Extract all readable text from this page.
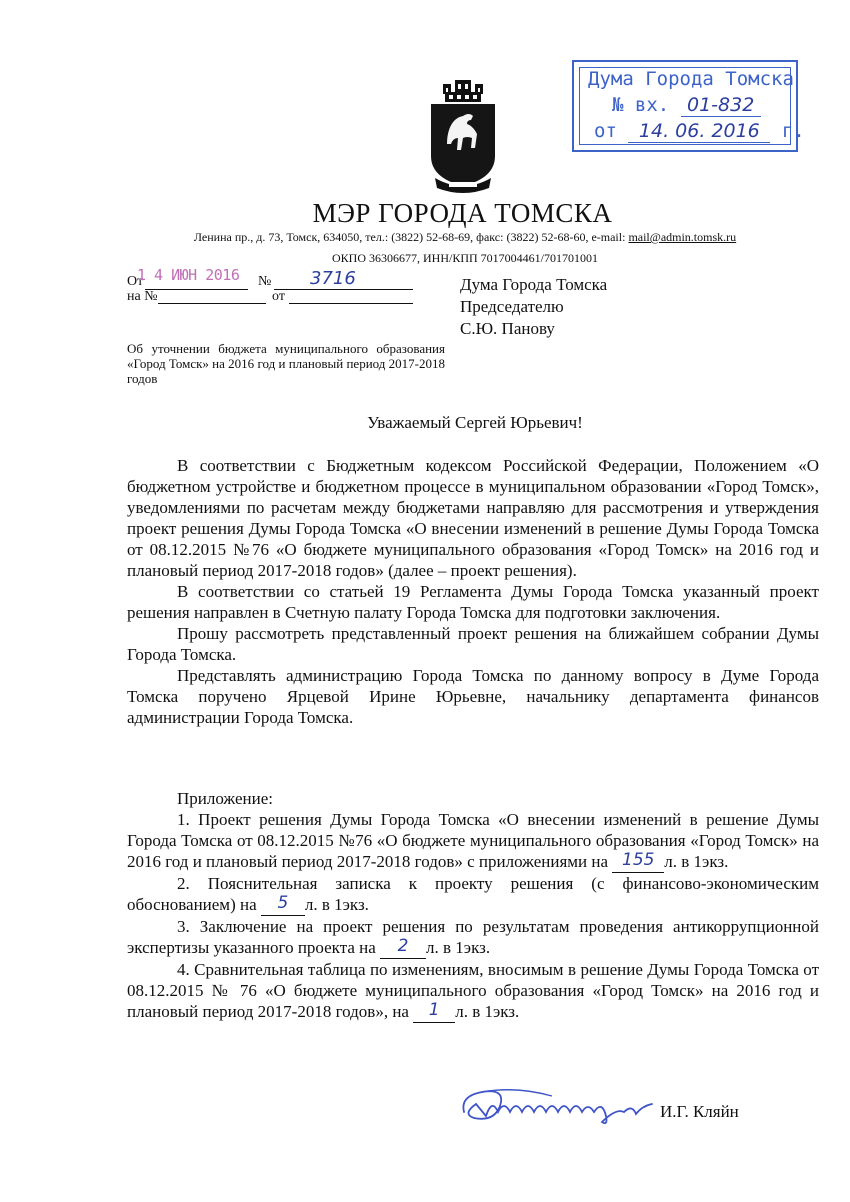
Дума Города Томска
№ вх. 01-832
от 14. 06. 2016 г.
МЭР ГОРОДА ТОМСКА
Ленина пр., д. 73, Томск, 634050, тел.: (3822) 52-68-69, факс: (3822) 52-68-60, e-mail: mail@admin.tomsk.ru
ОКПО 36306677, ИНН/КПП 7017004461/701701001
От
1 4 ИЮН 2016 № 3716
на №	от
Дума Города Томска
Председателю
С.Ю. Панову
Об уточнении бюджета муниципального образования «Город Томск» на 2016 год и плановый период 2017-2018 годов
Уважаемый Сергей Юрьевич!

В соответствии с Бюджетным кодексом Российской Федерации, Положением «О бюджетном устройстве и бюджетном процессе в муниципальном образовании «Город Томск», уведомлениями по расчетам между бюджетами направляю для рассмотрения и утверждения проект решения Думы Города Томска «О внесении изменений в решение Думы Города Томска от 08.12.2015 №76 «О бюджете муниципального образования «Город Томск» на 2016 год и плановый период 2017-2018 годов» (далее – проект решения).

В соответствии со статьей 19 Регламента Думы Города Томска указанный проект решения направлен в Счетную палату Города Томска для подготовки заключения.

Прошу рассмотреть представленный проект решения на ближайшем собрании Думы Города Томска.

Представлять администрацию Города Томска по данному вопросу в Думе Города Томска поручено Ярцевой Ирине Юрьевне, начальнику департамента финансов администрации Города Томска.

Приложение:

1. Проект решения Думы Города Томска «О внесении изменений в решение Думы Города Томска от 08.12.2015 №76 «О бюджете муниципального образования «Город Томск» на 2016 год и плановый период 2017-2018 годов» с приложениями на 155 л. в 1экз.

2. Пояснительная записка к проекту решения (с финансово-экономическим обоснованием) на	5 л. в 1экз.

3. Заключение на проект решения по результатам проведения антикоррупционной экспертизы указанного проекта на	2	л. в 1экз.

4. Сравнительная таблица по изменениям, вносимым в решение Думы Города Томска от 08.12.2015 № 76 «О бюджете муниципального образования «Город Томск» на 2016 год и плановый период 2017-2018 годов», на	1 л. в 1экз.

И.Г. Кляйн
